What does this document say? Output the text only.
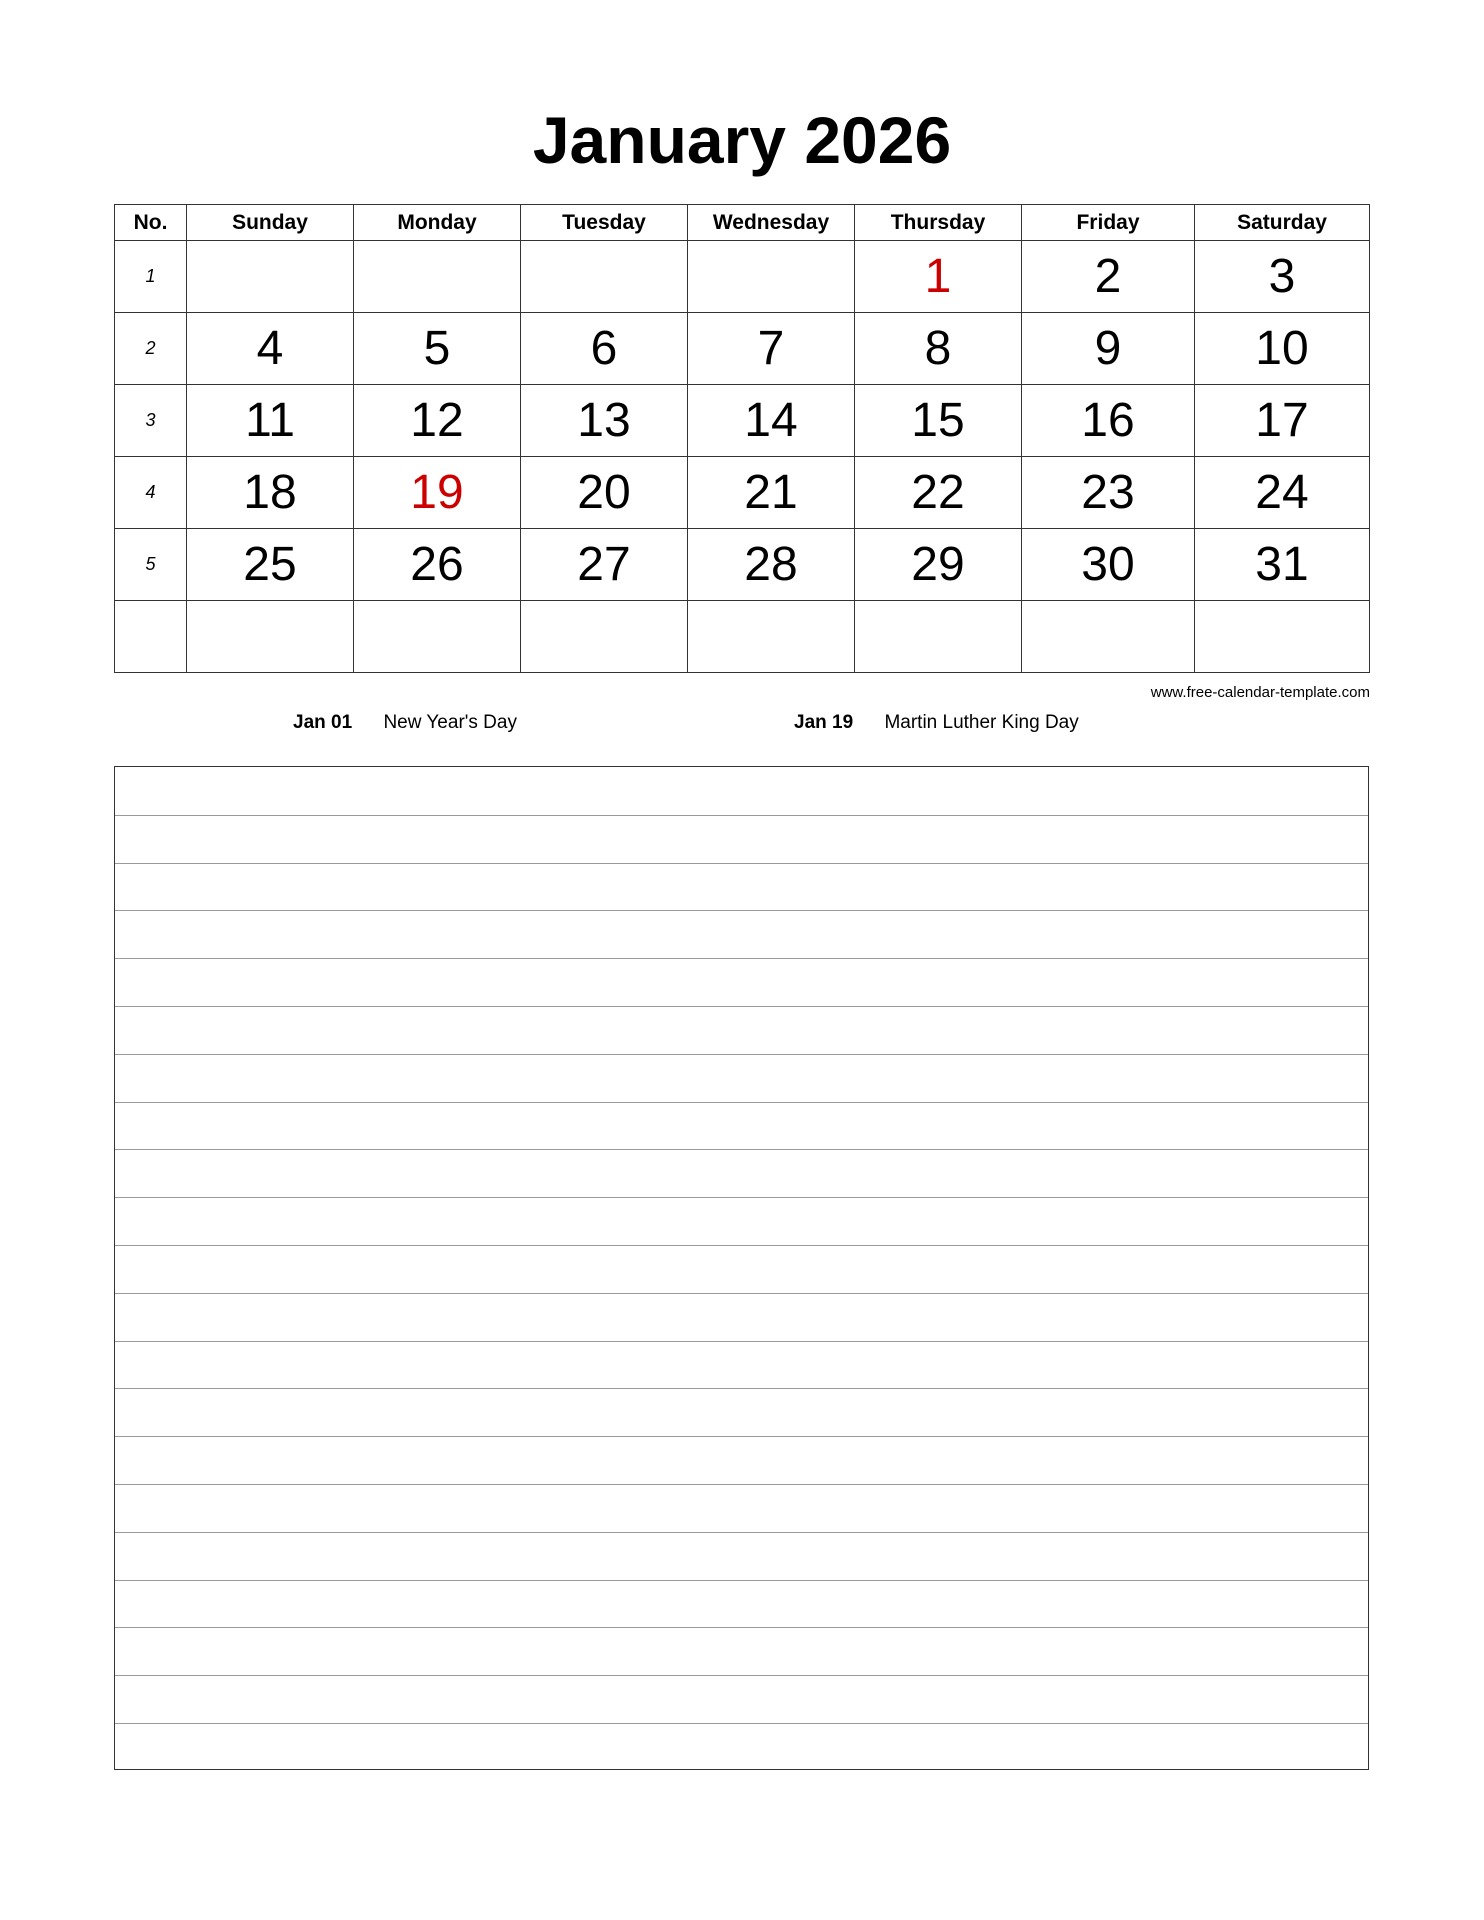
January 2026
No.	Sunday	Monday	Tuesday	Wednesday	Thursday	Friday	Saturday
1					1	2	3
2	4	5	6	7	8	9	10
3	11	12	13	14	15	16	17
4	18	19	20	21	22	23	24
5	25	26	27	28	29	30	31

www.free-calendar-template.com
Jan 01 New Year's Day	Jan 19 Martin Luther King Day
